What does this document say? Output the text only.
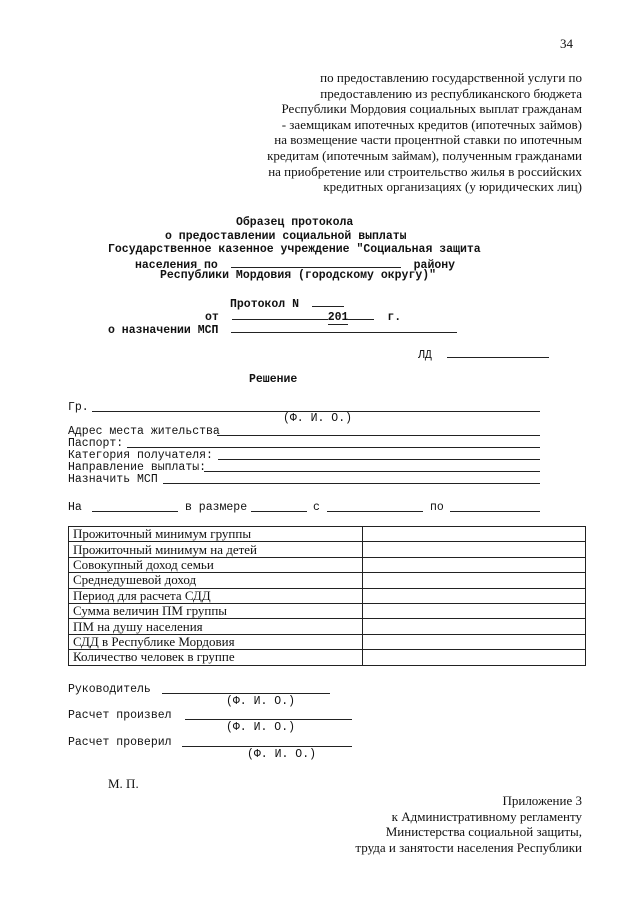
34
по предоставлению государственной услуги по
предоставлению из республиканского бюджета
Республики Мордовия социальных выплат гражданам
- заемщикам ипотечных кредитов (ипотечных займов)
на возмещение части процентной ставки по ипотечным
кредитам (ипотечным займам), полученным гражданами
на приобретение или строительство жилья в российских
кредитных организациях (у юридических лиц)
Образец протокола
о предоставлении социальной выплаты
Государственное казенное учреждение "Социальная защита
населения по	району
Республики Мордовия (городскому округу)"
Протокол N
от	201	г.
о назначении МСП
ЛД
Решение
Гр.
(Ф. И. О.)
Адрес места жительства
Паспорт:
Категория получателя:
Направление выплаты:
Назначить МСП
На	в размере	с	по
Прожиточный минимум группы	
Прожиточный минимум на детей	
Совокупный доход семьи	
Среднедушевой доход	
Период для расчета СДД	
Сумма величин ПМ группы	
ПМ на душу населения	
СДД в Республике Мордовия	
Количество человек в группе	
Руководитель
(Ф. И. О.)
Расчет произвел
(Ф. И. О.)
Расчет проверил
(Ф. И. О.)
М. П.
Приложение 3
к Административному регламенту
Министерства социальной защиты,
труда и занятости населения Республики
